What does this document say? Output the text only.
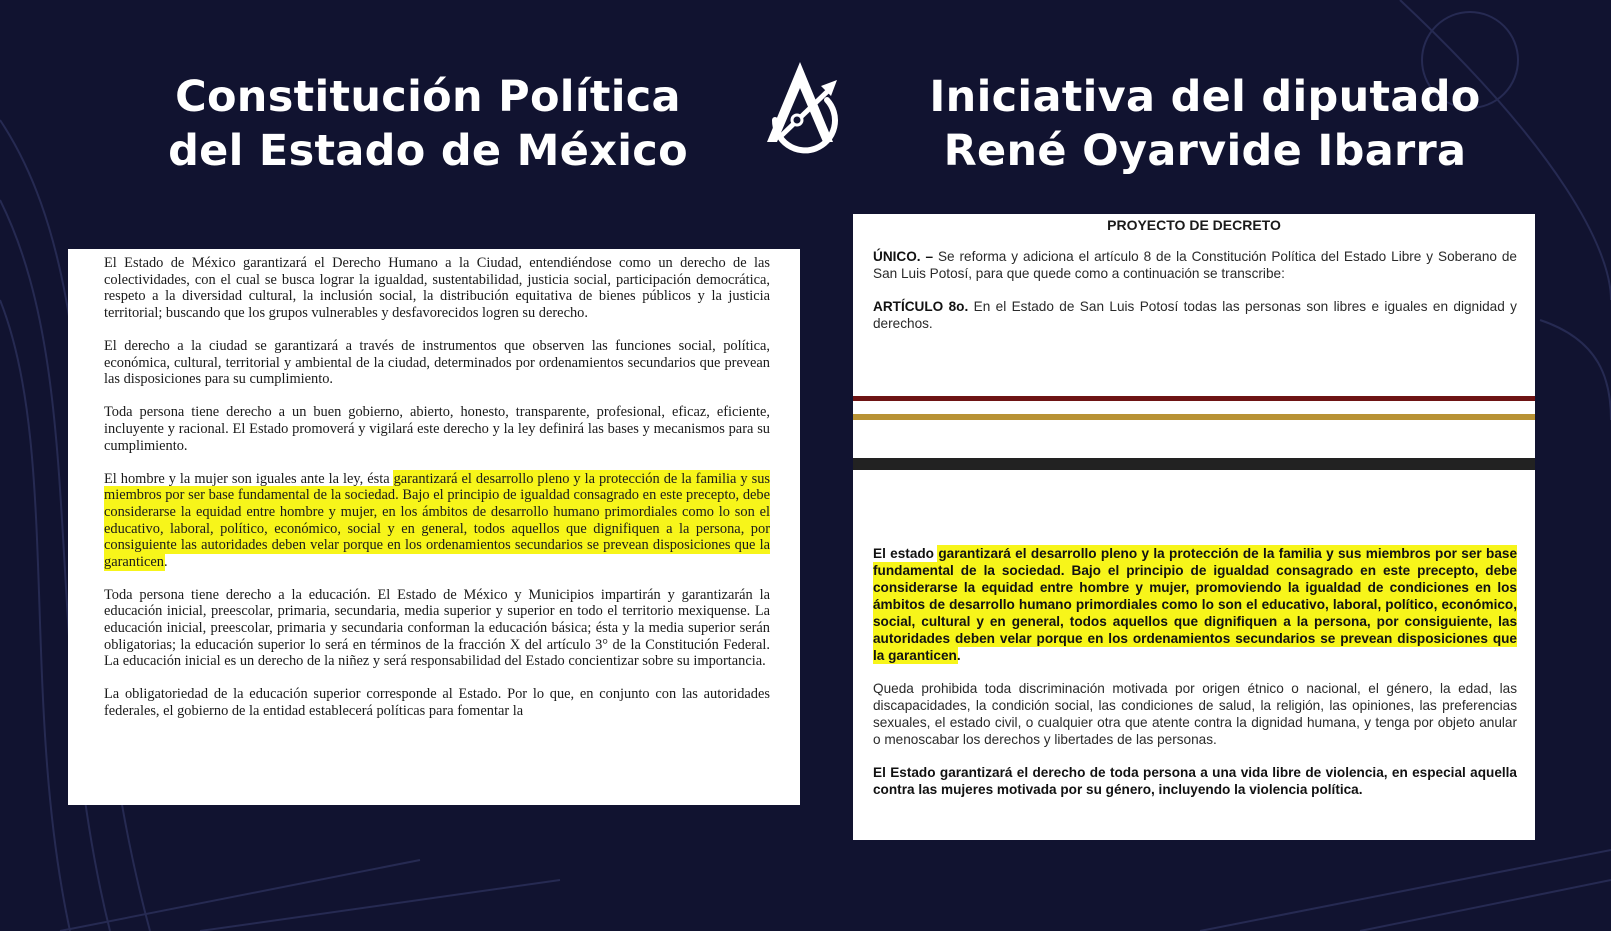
Constitución Política
del Estado de México
Iniciativa del diputado
René Oyarvide Ibarra

El Estado de México garantizará el Derecho Humano a la Ciudad, entendiéndose como un derecho de las colectividades, con el cual se busca lograr la igualdad, sustentabilidad, justicia social, participación democrática, respeto a la diversidad cultural, la inclusión social, la distribución equitativa de bienes públicos y la justicia territorial; buscando que los grupos vulnerables y desfavorecidos logren su derecho.

El derecho a la ciudad se garantizará a través de instrumentos que observen las funciones social, política, económica, cultural, territorial y ambiental de la ciudad, determinados por ordenamientos secundarios que prevean las disposiciones para su cumplimiento.

Toda persona tiene derecho a un buen gobierno, abierto, honesto, transparente, profesional, eficaz, eficiente, incluyente y racional. El Estado promoverá y vigilará este derecho y la ley definirá las bases y mecanismos para su cumplimiento.

El hombre y la mujer son iguales ante la ley, ésta garantizará el desarrollo pleno y la protección de la familia y sus miembros por ser base fundamental de la sociedad. Bajo el principio de igualdad consagrado en este precepto, debe considerarse la equidad entre hombre y mujer, en los ámbitos de desarrollo humano primordiales como lo son el educativo, laboral, político, económico, social y en general, todos aquellos que dignifiquen a la persona, por consiguiente las autoridades deben velar porque en los ordenamientos secundarios se prevean disposiciones que la garanticen.

Toda persona tiene derecho a la educación. El Estado de México y Municipios impartirán y garantizarán la educación inicial, preescolar, primaria, secundaria, media superior y superior en todo el territorio mexiquense. La educación inicial, preescolar, primaria y secundaria conforman la educación básica; ésta y la media superior serán obligatorias; la educación superior lo será en términos de la fracción X del artículo 3° de la Constitución Federal. La educación inicial es un derecho de la niñez y será responsabilidad del Estado concientizar sobre su importancia.

La obligatoriedad de la educación superior corresponde al Estado. Por lo que, en conjunto con las autoridades federales, el gobierno de la entidad establecerá políticas para fomentar la

PROYECTO DE DECRETO

ÚNICO. – Se reforma y adiciona el artículo 8 de la Constitución Política del Estado Libre y Soberano de San Luis Potosí, para que quede como a continuación se transcribe:

ARTÍCULO 8o. En el Estado de San Luis Potosí todas las personas son libres e iguales en dignidad y derechos.

El estado garantizará el desarrollo pleno y la protección de la familia y sus miembros por ser base fundamental de la sociedad. Bajo el principio de igualdad consagrado en este precepto, debe considerarse la equidad entre hombre y mujer, promoviendo la igualdad de condiciones en los ámbitos de desarrollo humano primordiales como lo son el educativo, laboral, político, económico, social, cultural y en general, todos aquellos que dignifiquen a la persona, por consiguiente, las autoridades deben velar porque en los ordenamientos secundarios se prevean disposiciones que la garanticen.

Queda prohibida toda discriminación motivada por origen étnico o nacional, el género, la edad, las discapacidades, la condición social, las condiciones de salud, la religión, las opiniones, las preferencias sexuales, el estado civil, o cualquier otra que atente contra la dignidad humana, y tenga por objeto anular o menoscabar los derechos y libertades de las personas.

El Estado garantizará el derecho de toda persona a una vida libre de violencia, en especial aquella contra las mujeres motivada por su género, incluyendo la violencia política.
